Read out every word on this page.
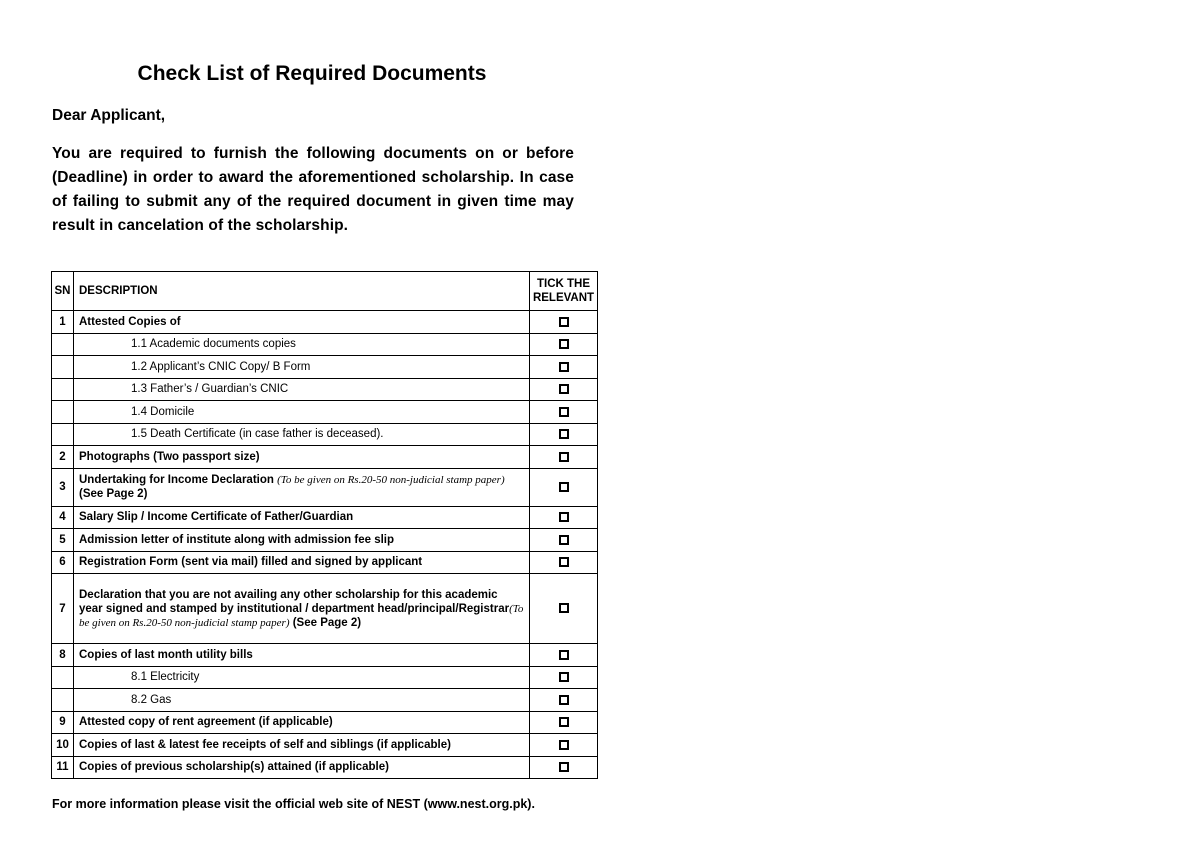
Check List of Required Documents
Dear Applicant,
You are required to furnish the following documents on or before (Deadline) in order to award the aforementioned scholarship. In case of failing to submit any of the required document in given time may result in cancelation of the scholarship.
SN	DESCRIPTION	TICK THE
RELEVANT
1	Attested Copies of	
	1.1 Academic documents copies	
	1.2 Applicant’s CNIC Copy/ B Form	
	1.3 Father’s / Guardian’s CNIC	
	1.4 Domicile	
	1.5 Death Certificate (in case father is deceased).	
2	Photographs (Two passport size)	
3	Undertaking for Income Declaration (To be given on Rs.20-50 non-judicial stamp paper) (See Page 2)	
4	Salary Slip / Income Certificate of Father/Guardian	
5	Admission letter of institute along with admission fee slip	
6	Registration Form (sent via mail) filled and signed by applicant	
7	Declaration that you are not availing any other scholarship for this academic year signed and stamped by institutional / department head/principal/Registrar(To be given on Rs.20-50 non-judicial stamp paper) (See Page 2)	
8	Copies of last month utility bills	
	8.1 Electricity	
	8.2 Gas	
9	Attested copy of rent agreement (if applicable)	
10	Copies of last & latest fee receipts of self and siblings (if applicable)	
11	Copies of previous scholarship(s) attained (if applicable)	
For more information please visit the official web site of NEST (www.nest.org.pk).
